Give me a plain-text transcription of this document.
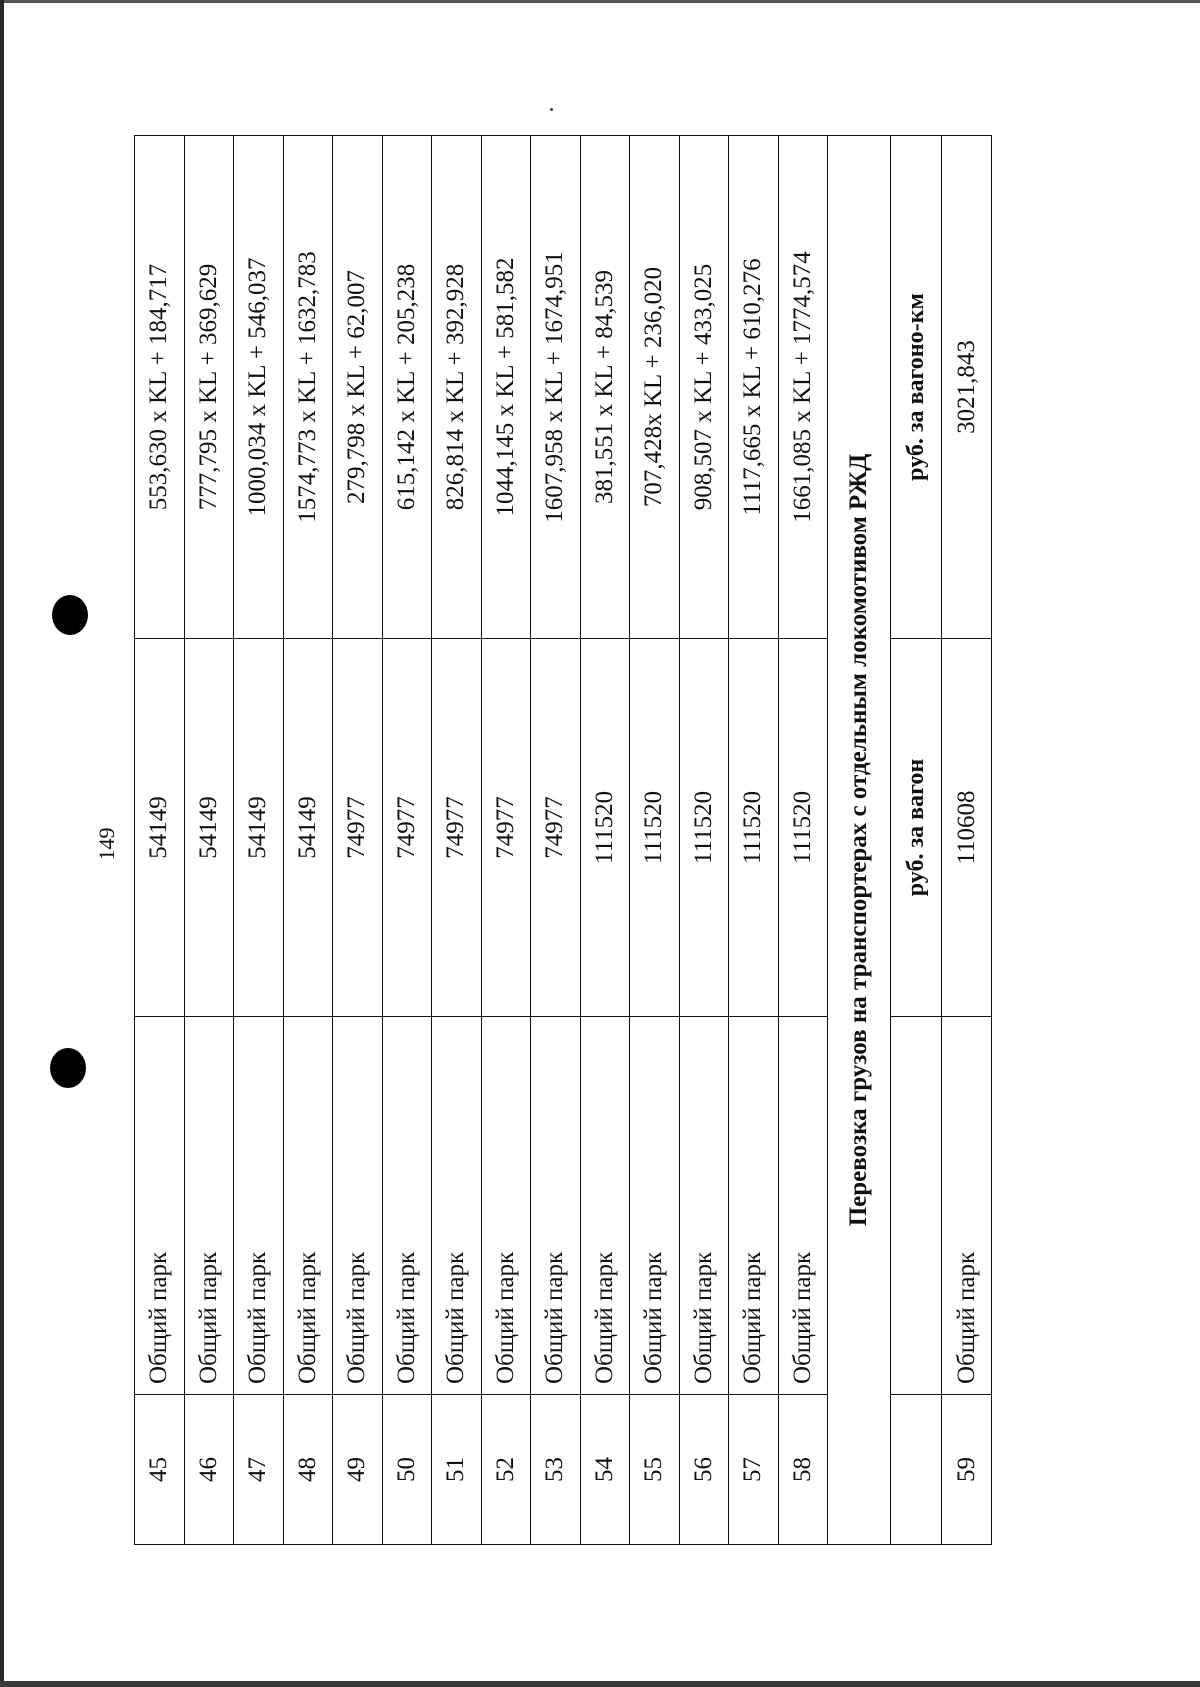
149
45	Общий парк	54149	553,630 x KL + 184,717
46	Общий парк	54149	777,795 x KL + 369,629
47	Общий парк	54149	1000,034 x KL + 546,037
48	Общий парк	54149	1574,773 x KL + 1632,783
49	Общий парк	74977	279,798 x KL + 62,007
50	Общий парк	74977	615,142 x KL + 205,238
51	Общий парк	74977	826,814 x KL + 392,928
52	Общий парк	74977	1044,145 x KL + 581,582
53	Общий парк	74977	1607,958 x KL + 1674,951
54	Общий парк	111520	381,551 x KL + 84,539
55	Общий парк	111520	707,428x KL + 236,020
56	Общий парк	111520	908,507 x KL + 433,025
57	Общий парк	111520	1117,665 x KL + 610,276
58	Общий парк	111520	1661,085 x KL + 1774,574
Перевозка грузов на транспортерах с отдельным локомотивом РЖД			
		руб. за вагон	руб. за вагоно-км
59	Общий парк	110608	3021,843
